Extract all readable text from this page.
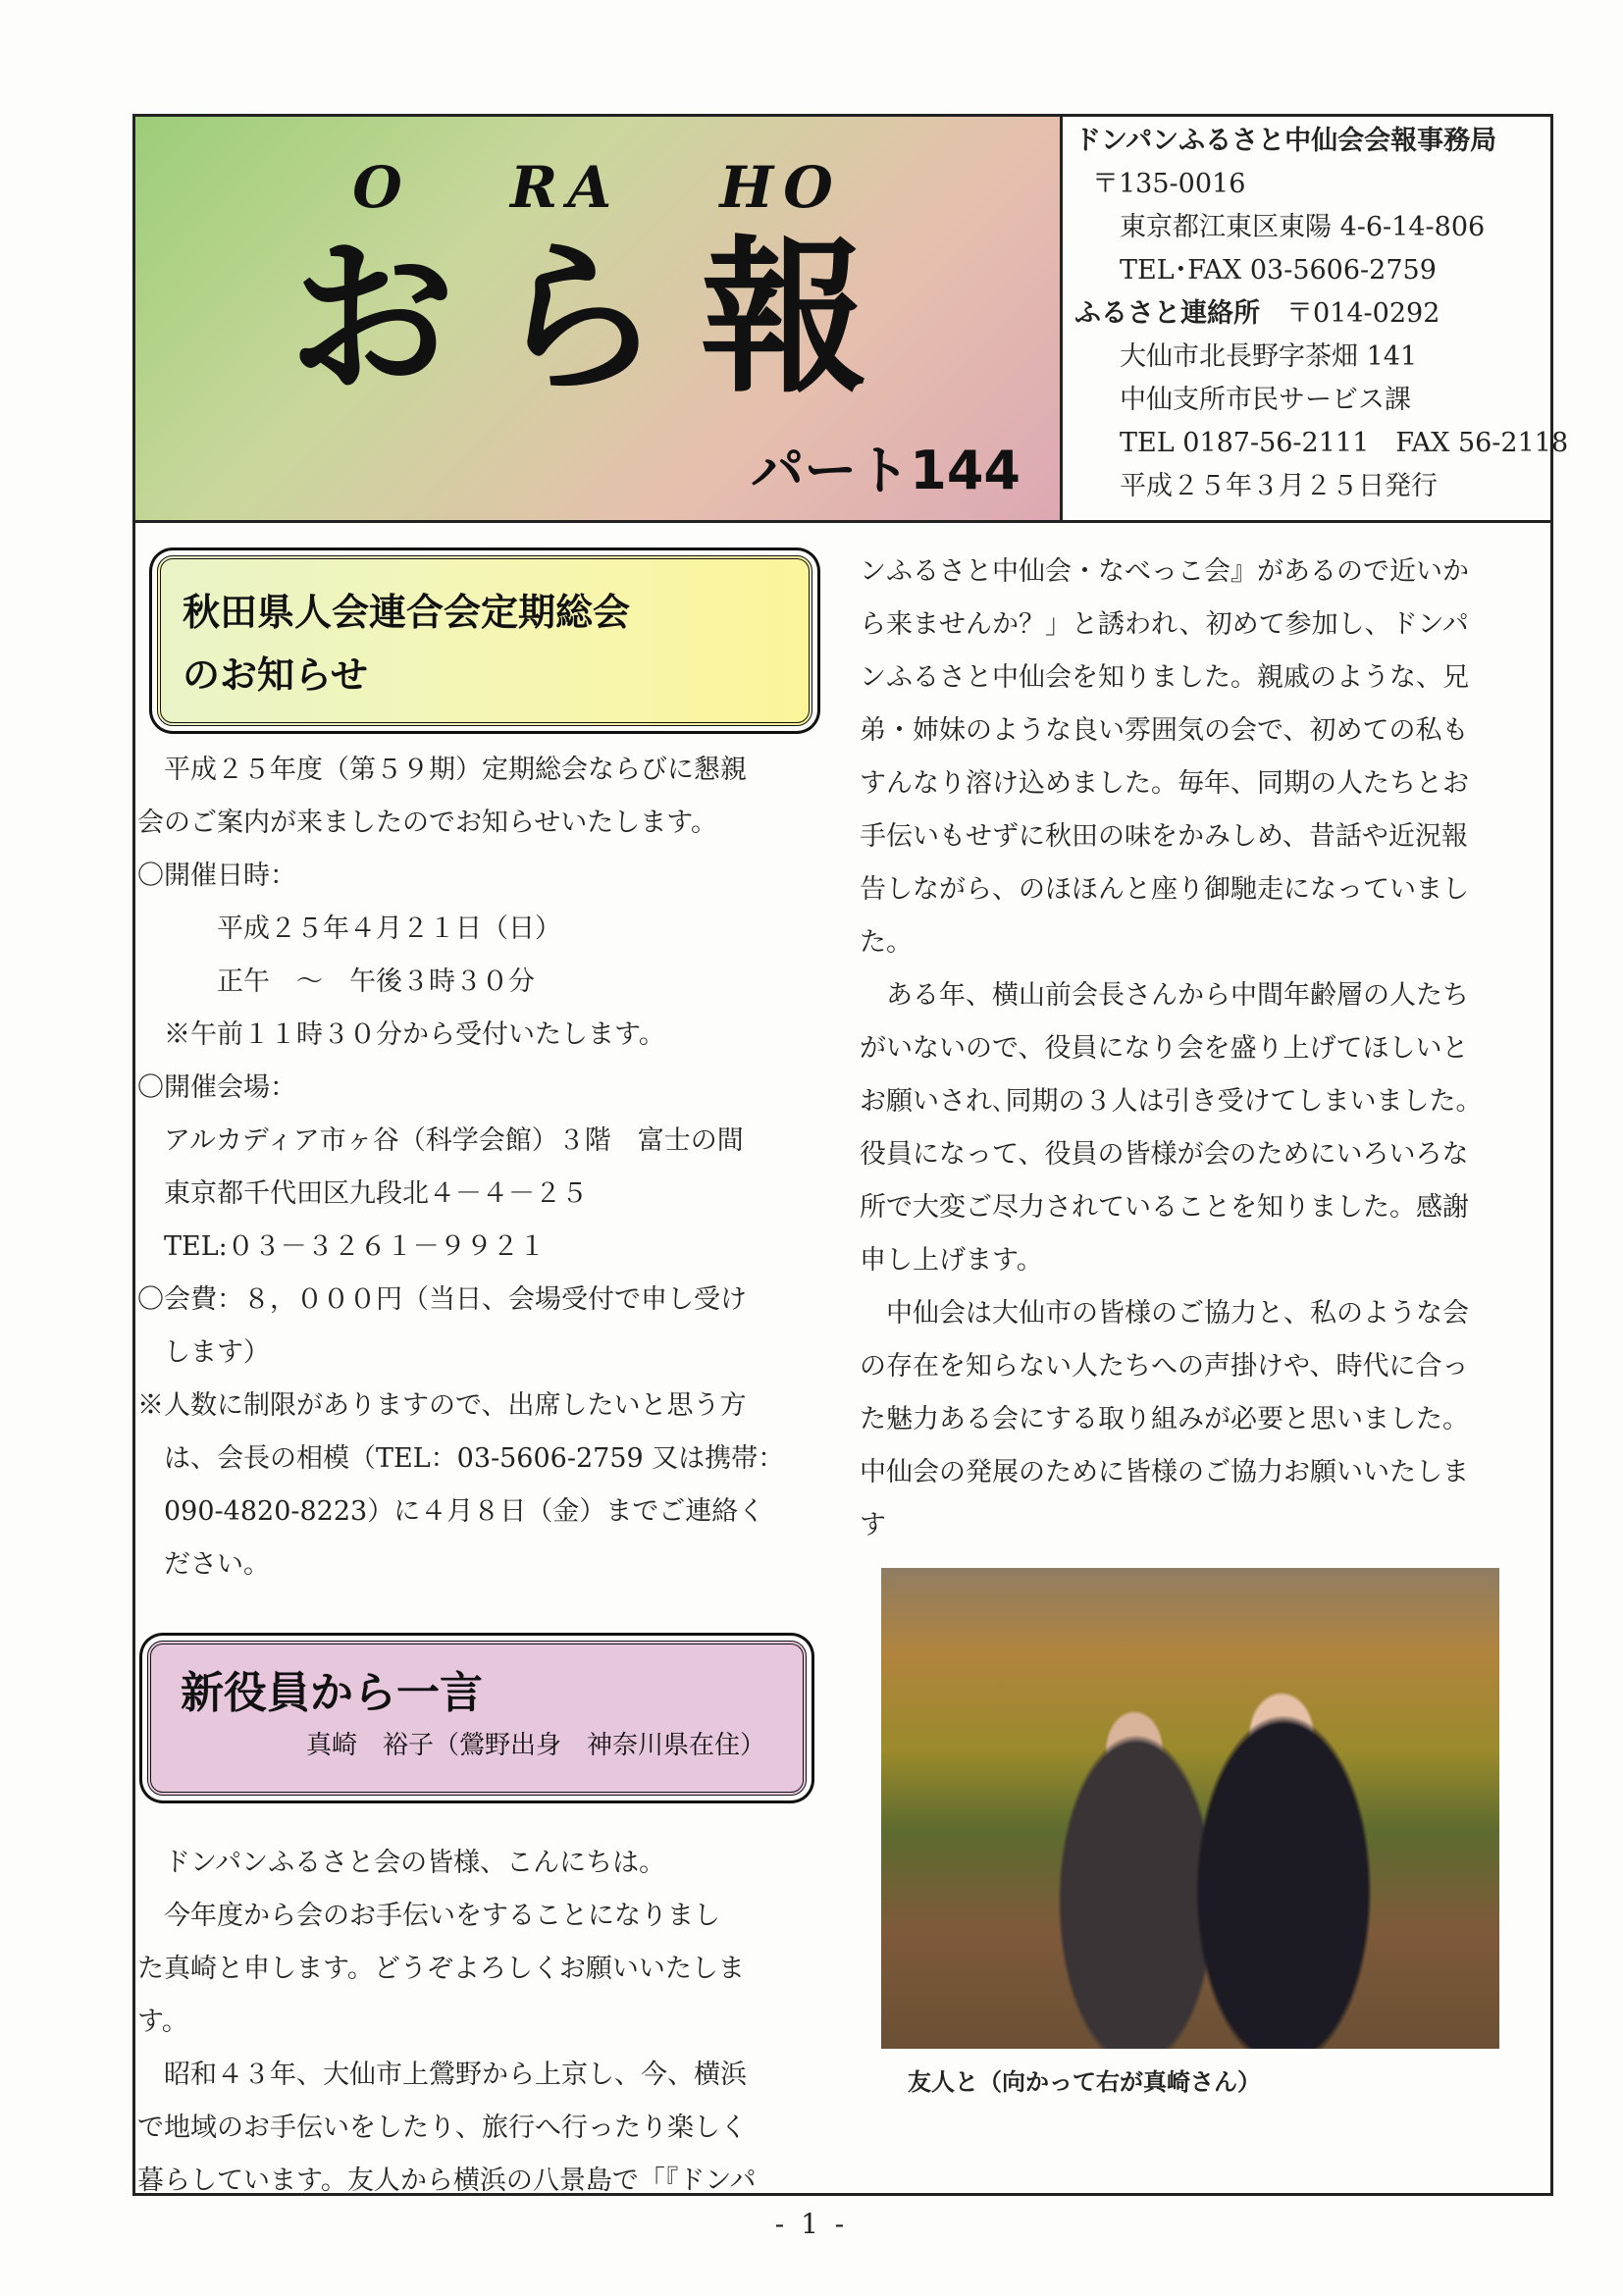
O RA HO

おら報

パート144

ドンパンふるさと中仙会会報事務局

〒135-0016

東京都江東区東陽 4-6-14-806

TEL･FAX 03-5606-2759

ふるさと連絡所　 〒014-0292

大仙市北長野字茶畑 141

中仙支所市民サービス課

TEL 0187-56-2111　FAX 56-2118

平成２５年３月２５日発行

秋田県人会連合会定期総会
のお知らせ

　平成２５年度（第５９期）定期総会ならびに懇親

会のご案内が来ましたのでお知らせいたします。

〇開催日時：

　　　平成２５年４月２１日（日）

　　　正午　～　午後３時３０分

　※午前１１時３０分から受付いたします。

〇開催会場：

　アルカディア市ヶ谷（科学会館）３階　富士の間

　東京都千代田区九段北４－４－２５

　TEL:０３－３２６１－９９２１

〇会費：８，０００円（当日、会場受付で申し受け

　します）

※人数に制限がありますので、出席したいと思う方

　は、会長の相模（TEL：03-5606-2759 又は携帯：

　090-4820-8223）に４月８日（金）までご連絡く

　ださい。

新役員から一言

真崎　裕子（鶯野出身　神奈川県在住）

　ドンパンふるさと会の皆様、こんにちは。

　今年度から会のお手伝いをすることになりまし

た真崎と申します。どうぞよろしくお願いいたしま

す。

　昭和４３年、大仙市上鶯野から上京し、今、横浜

で地域のお手伝いをしたり、旅行へ行ったり楽しく

暮らしています。友人から横浜の八景島で「『ドンパ

ンふるさと中仙会・なべっこ会』があるので近いか

ら来ませんか？」と誘われ、初めて参加し、ドンパ

ンふるさと中仙会を知りました。親戚のような、兄

弟・姉妹のような良い雰囲気の会で、初めての私も

すんなり溶け込めました。毎年、同期の人たちとお

手伝いもせずに秋田の味をかみしめ、昔話や近況報

告しながら、のほほんと座り御馳走になっていまし

た。

　ある年、横山前会長さんから中間年齢層の人たち

がいないので、役員になり会を盛り上げてほしいと

お願いされ､同期の３人は引き受けてしまいました。

役員になって、役員の皆様が会のためにいろいろな

所で大変ご尽力されていることを知りました。感謝

申し上げます。

　中仙会は大仙市の皆様のご協力と、私のような会

の存在を知らない人たちへの声掛けや、時代に合っ

た魅力ある会にする取り組みが必要と思いました。

中仙会の発展のために皆様のご協力お願いいたしま

す

友人と（向かって右が真崎さん）

- 1 -
